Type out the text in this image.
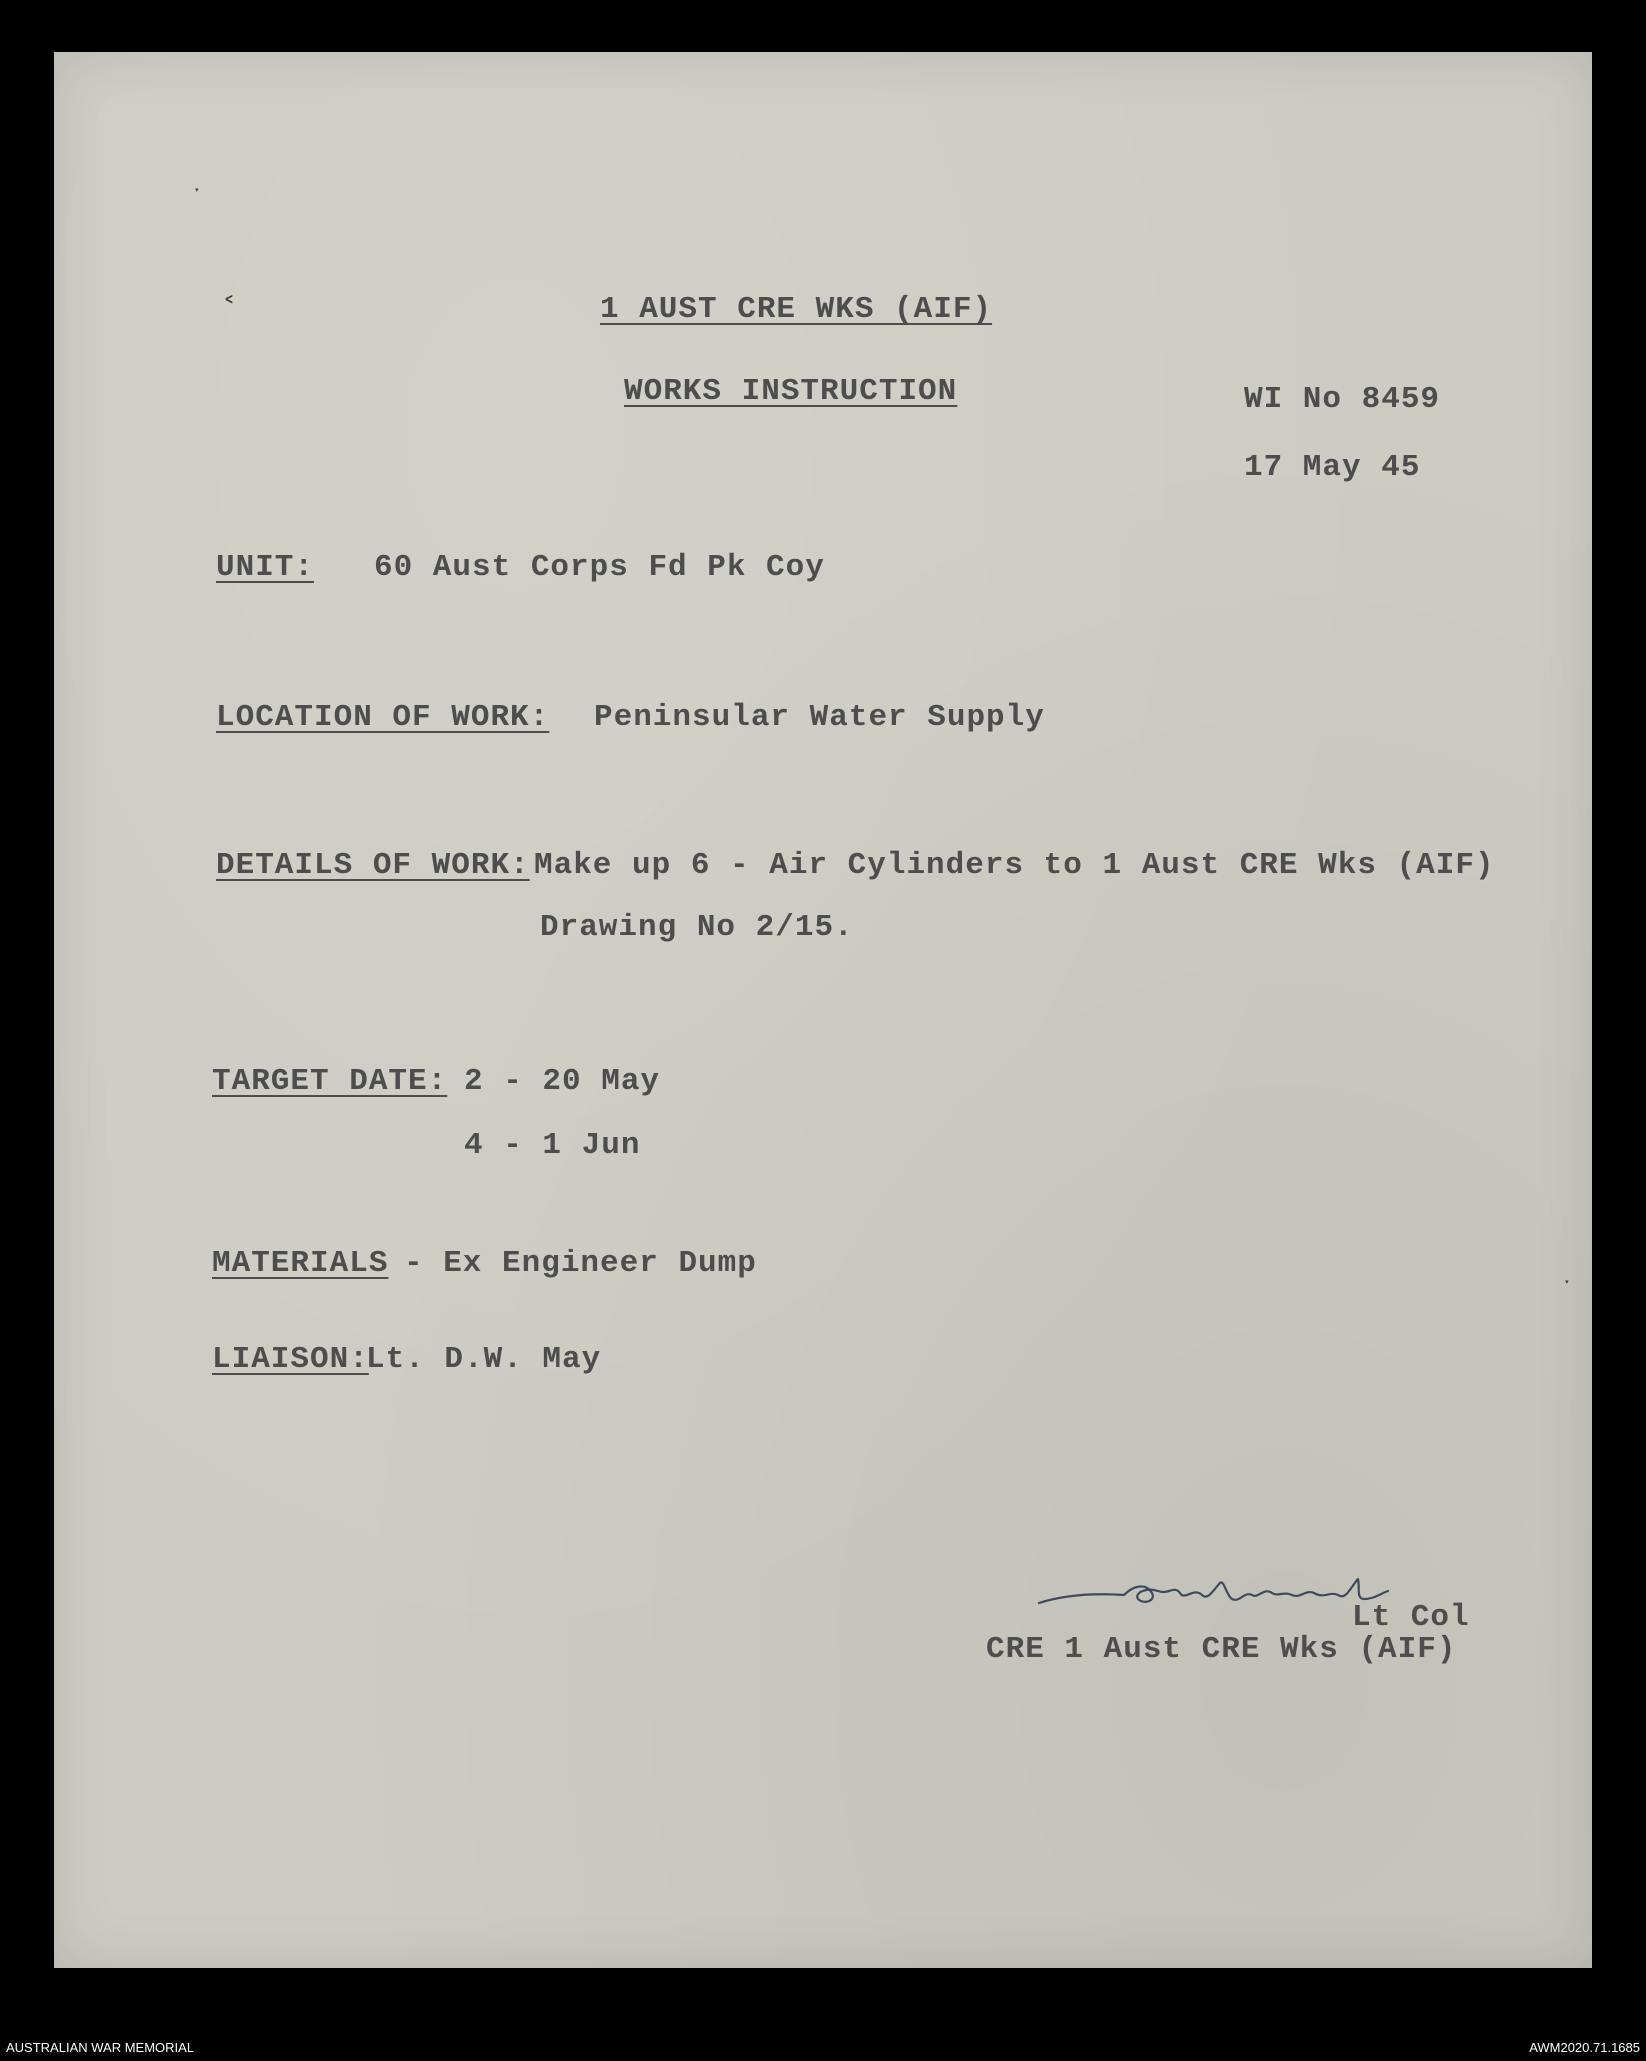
ˑ
˂	1 AUST CRE WKS (AIF)
WORKS INSTRUCTION	WI No 8459
17 May 45
UNIT: 60 Aust Corps Fd Pk Coy
LOCATION OF WORK: Peninsular Water Supply
DETAILS OF WORK: Make up 6 - Air Cylinders to 1 Aust CRE Wks (AIF)
Drawing No 2/15.
TARGET DATE: 2 - 20 May
4 - 1 Jun
MATERIALS - Ex Engineer Dump
LIAISON:
Lt. D.W. May
Lt Col
CRE 1 Aust CRE Wks (AIF)
ˑ
AUSTRALIAN WAR MEMORIAL	AWM2020.71.1685
